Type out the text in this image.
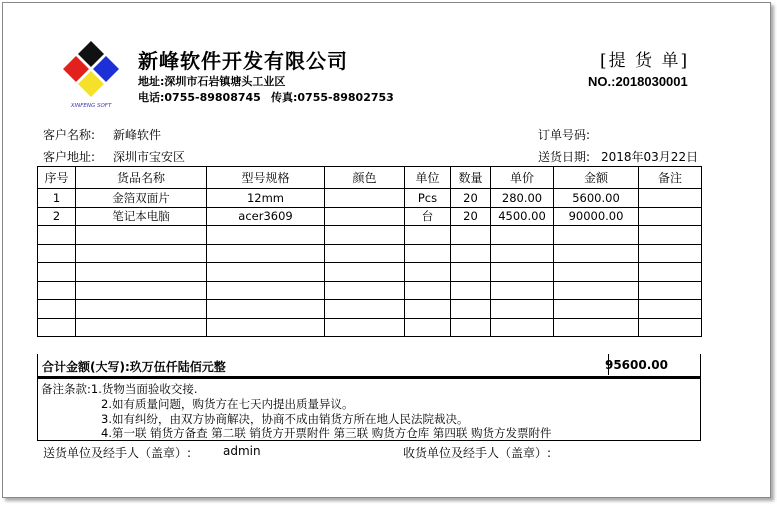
XINFENG SOFT
新峰软件开发有限公司
地址:深圳市石岩镇塘头工业区
电话:0755-89808745 传真:0755-89802753
[提 货 单]
NO.:2018030001
客户名称: 新峰软件
客户地址: 深圳市宝安区
订单号码:
送货日期: 2018年03月22日
序号	货品名称	型号规格	颜色	单位	数量	单价	金额	备注
1	金箔双面片	12mm		Pcs	20	280.00	5600.00	
2	笔记本电脑	acer3609		台	20	4500.00	90000.00	

合计金额(大写):玖万伍仟陆佰元整	95600.00
备注条款:1.货物当面验收交接.
2.如有质量问题，购货方在七天内提出质量异议。
3.如有纠纷，由双方协商解决，协商不成由销货方所在地人民法院裁决。
4.第一联 销货方备查 第二联 销货方开票附件 第三联 购货方仓库 第四联 购货方发票附件
送货单位及经手人（盖章）:	admin	收货单位及经手人（盖章）:
